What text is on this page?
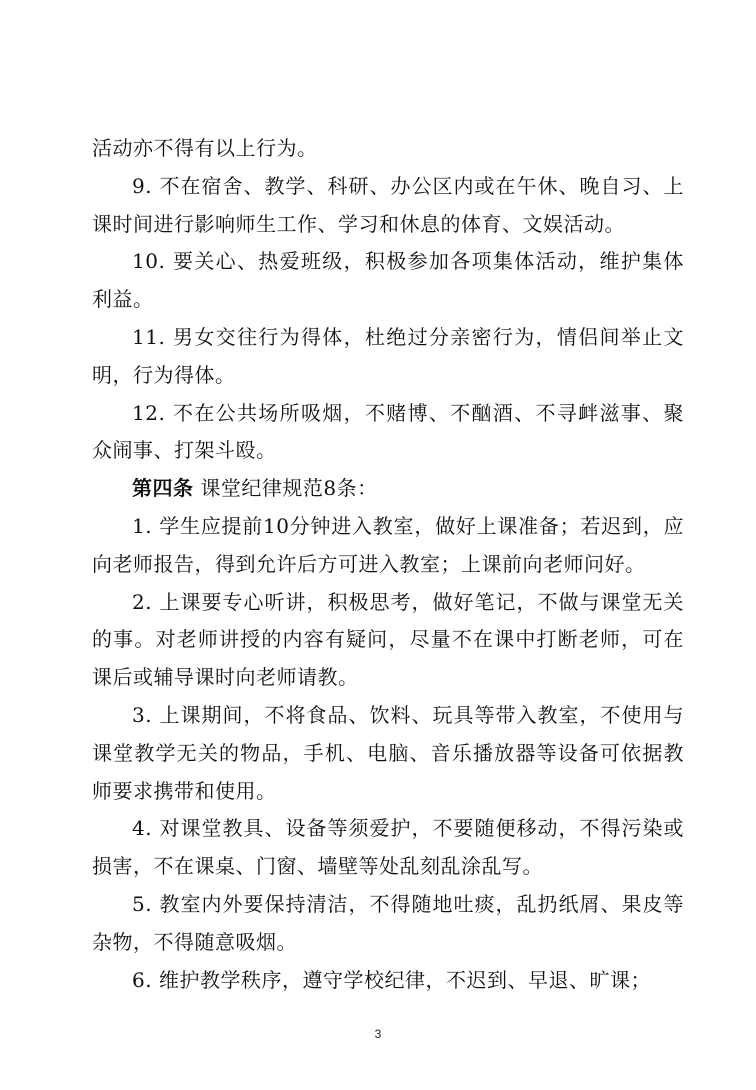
活动亦不得有以上行为。

9. 不在宿舍、教学、科研、办公区内或在午休、晚自习、上课时间进行影响师生工作、学习和休息的体育、文娱活动。

10. 要关心、热爱班级，积极参加各项集体活动，维护集体利益。

11. 男女交往行为得体，杜绝过分亲密行为，情侣间举止文明，行为得体。

12. 不在公共场所吸烟，不赌博、不酗酒、不寻衅滋事、聚众闹事、打架斗殴。

第四条 课堂纪律规范8条：

1. 学生应提前10分钟进入教室，做好上课准备；若迟到，应向老师报告，得到允许后方可进入教室；上课前向老师问好。

2. 上课要专心听讲，积极思考，做好笔记，不做与课堂无关的事。对老师讲授的内容有疑问，尽量不在课中打断老师，可在课后或辅导课时向老师请教。

3. 上课期间，不将食品、饮料、玩具等带入教室，不使用与课堂教学无关的物品，手机、电脑、音乐播放器等设备可依据教师要求携带和使用。

4. 对课堂教具、设备等须爱护，不要随便移动，不得污染或损害，不在课桌、门窗、墙壁等处乱刻乱涂乱写。

5. 教室内外要保持清洁，不得随地吐痰，乱扔纸屑、果皮等杂物，不得随意吸烟。

6. 维护教学秩序，遵守学校纪律，不迟到、早退、旷课；

3
